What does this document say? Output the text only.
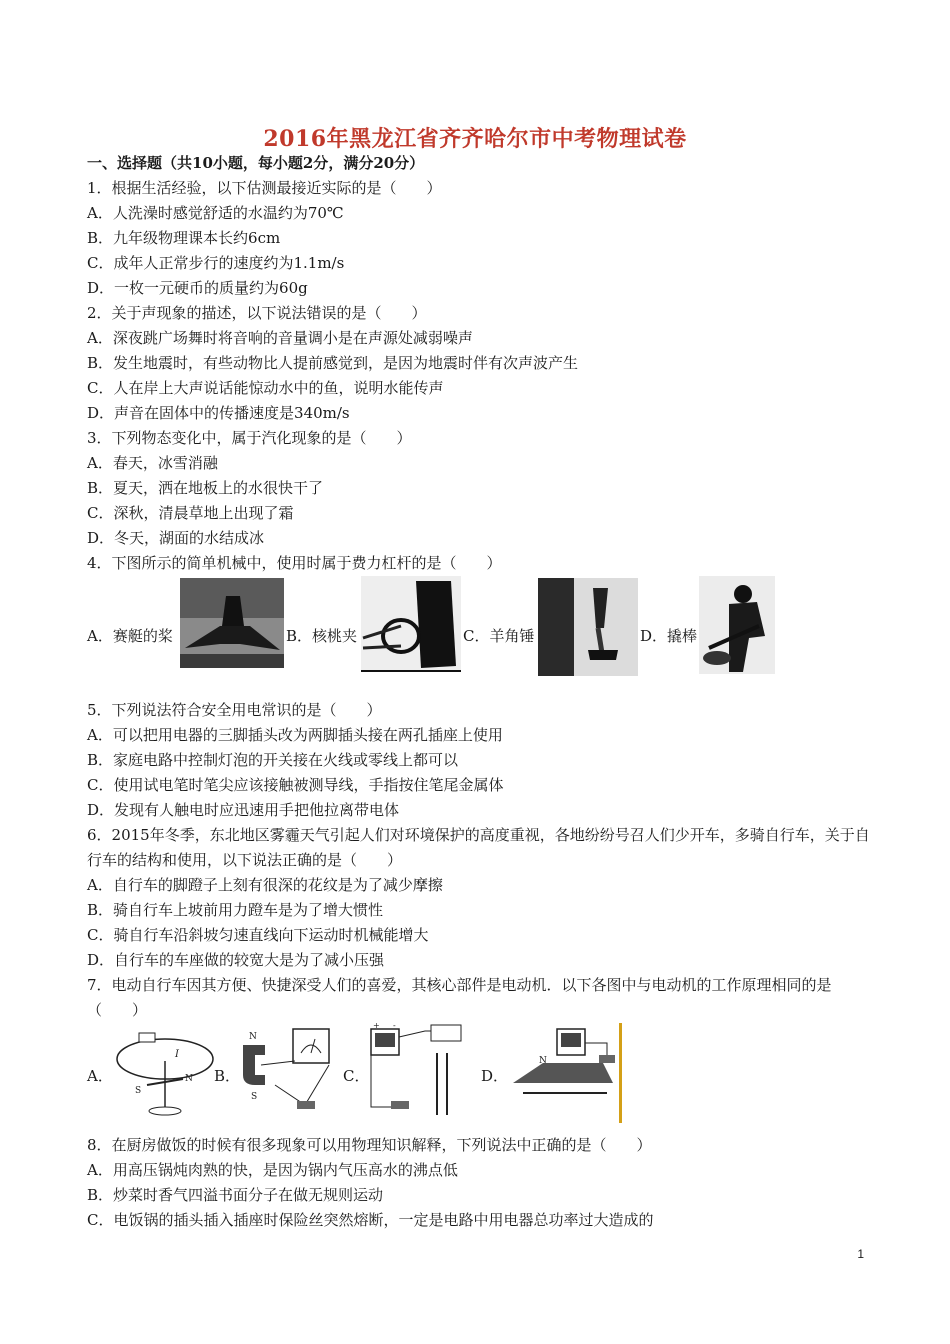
2016年黑龙江省齐齐哈尔市中考物理试卷
一、选择题（共10小题，每小题2分，满分20分）
1．根据生活经验，以下估测最接近实际的是（　　）
A．人洗澡时感觉舒适的水温约为70℃
B．九年级物理课本长约6cm
C．成年人正常步行的速度约为1.1m/s
D．一枚一元硬币的质量约为60g
2．关于声现象的描述，以下说法错误的是（　　）
A．深夜跳广场舞时将音响的音量调小是在声源处减弱噪声
B．发生地震时，有些动物比人提前感觉到，是因为地震时伴有次声波产生
C．人在岸上大声说话能惊动水中的鱼，说明水能传声
D．声音在固体中的传播速度是340m/s
3．下列物态变化中，属于汽化现象的是（　　）
A．春天，冰雪消融
B．夏天，洒在地板上的水很快干了
C．深秋，清晨草地上出现了霜
D．冬天，湖面的水结成冰
4．下图所示的简单机械中，使用时属于费力杠杆的是（　　）
A．赛艇的桨	B．核桃夹	C．羊角锤	D．撬棒
5．下列说法符合安全用电常识的是（　　）
A．可以把用电器的三脚插头改为两脚插头接在两孔插座上使用
B．家庭电路中控制灯泡的开关接在火线或零线上都可以
C．使用试电笔时笔尖应该接触被测导线，手指按住笔尾金属体
D．发现有人触电时应迅速用手把他拉离带电体
6．2015年冬季，东北地区雾霾天气引起人们对环境保护的高度重视，各地纷纷号召人们少开车，多骑自行车，关于自行车的结构和使用，以下说法正确的是（　　）
A．自行车的脚蹬子上刻有很深的花纹是为了减少摩擦
B．骑自行车上坡前用力蹬车是为了增大惯性
C．骑自行车沿斜坡匀速直线向下运动时机械能增大
D．自行车的车座做的较宽大是为了减小压强
7．电动自行车因其方便、快捷深受人们的喜爱，其核心部件是电动机．以下各图中与电动机的工作原理相同的是（　　）
A．
I
S
N B．
N
S
C．
+ -
D．
N
8．在厨房做饭的时候有很多现象可以用物理知识解释，下列说法中正确的是（　　）
A．用高压锅炖肉熟的快，是因为锅内气压高水的沸点低
B．炒菜时香气四溢书面分子在做无规则运动
C．电饭锅的插头插入插座时保险丝突然熔断，一定是电路中用电器总功率过大造成的
1
